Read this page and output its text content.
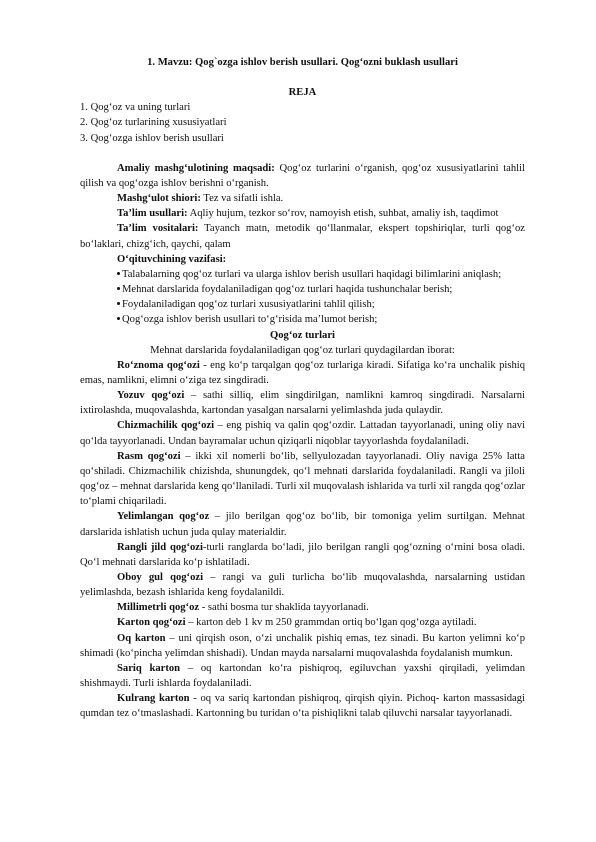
1. Mavzu: Qog`ozga ishlov berish usullari. Qog‘ozni buklash usullari

REJA

1. Qog‘oz va uning turlari

2. Qog‘oz turlarining xususiyatlari

3. Qog‘ozga ishlov berish usullari

Amaliy mashg‘ulotining maqsadi: Qog‘oz turlarini o‘rganish, qog‘oz xususiyatlarini tahlil qilish va qog‘ozga ishlov berishni o‘rganish.

Mashg‘ulot shiori: Tez va sifatli ishla.

Ta’lim usullari: Aqliy hujum, tezkor so‘rov, namoyish etish, suhbat, amaliy ish, taqdimot

Ta’lim vositalari: Tayanch matn, metodik qo‘llanmalar, ekspert topshiriqlar, turli qog‘oz bo‘laklari, chizg‘ich, qaychi, qalam

O‘qituvchining vazifasi:

Talabalarning qog‘oz turlari va ularga ishlov berish usullari haqidagi bilimlarini aniqlash;
Mehnat darslarida foydalaniladigan qog‘oz turlari haqida tushunchalar berish;
Foydalaniladigan qog‘oz turlari xususiyatlarini tahlil qilish;
Qog‘ozga ishlov berish usullari to‘g‘risida ma’lumot berish;

Qog‘oz turlari

Mehnat darslarida foydalaniladigan qog‘oz turlari quydagilardan iborat:

Ro‘znoma qog‘ozi - eng ko‘p tarqalgan qog‘oz turlariga kiradi. Sifatiga ko‘ra unchalik pishiq emas, namlikni, elimni o‘ziga tez singdiradi.

Yozuv qog‘ozi – sathi silliq, elim singdirilgan, namlikni kamroq singdiradi. Narsalarni ixtirolashda, muqovalashda, kartondan yasalgan narsalarni yelimlashda juda qulaydir.

Chizmachilik qog‘ozi – eng pishiq va qalin qog‘ozdir. Lattadan tayyorlanadi, uning oliy navi qo‘lda tayyorlanadi. Undan bayramalar uchun qiziqarli niqoblar tayyorlashda foydalaniladi.

Rasm qog‘ozi – ikki xil nomerli bo‘lib, sellyulozadan tayyorlanadi. Oliy naviga 25% latta qo‘shiladi. Chizmachilik chizishda, shunungdek, qo‘l mehnati darslarida foydalaniladi. Rangli va jiloli qog‘oz – mehnat darslarida keng qo‘llaniladi. Turli xil muqovalash ishlarida va turli xil rangda qog‘ozlar to‘plami chiqariladi.

Yelimlangan qog‘oz – jilo berilgan qog‘oz bo‘lib, bir tomoniga yelim surtilgan. Mehnat darslarida ishlatish uchun juda qulay materialdir.

Rangli jild qog‘ozi-turli ranglarda bo‘ladi, jilo berilgan rangli qog‘ozning o‘rnini bosa oladi. Qo‘l mehnati darslarida ko‘p ishlatiladi.

Oboy gul qog‘ozi – rangi va guli turlicha bo‘lib muqovalashda, narsalarning ustidan yelimlashda, bezash ishlarida keng foydalanildi.

Millimetrli qog‘oz - sathi bosma tur shaklida tayyorlanadi.

Karton qog‘ozi – karton deb 1 kv m 250 grammdan ortiq bo‘lgan qog‘ozga aytiladi.

Oq karton – uni qirqish oson, o‘zi unchalik pishiq emas, tez sinadi. Bu karton yelimni ko‘p shimadi (ko‘pincha yelimdan shishadi). Undan mayda narsalarni muqovalashda foydalanish mumkun.

Sariq karton – oq kartondan ko‘ra pishiqroq, egiluvchan yaxshi qirqiladi, yelimdan shishmaydi. Turli ishlarda foydalaniladi.

Kulrang karton - oq va sariq kartondan pishiqroq, qirqish qiyin. Pichoq- karton massasidagi qumdan tez o‘tmaslashadi. Kartonning bu turidan o‘ta pishiqlikni talab qiluvchi narsalar tayyorlanadi.
